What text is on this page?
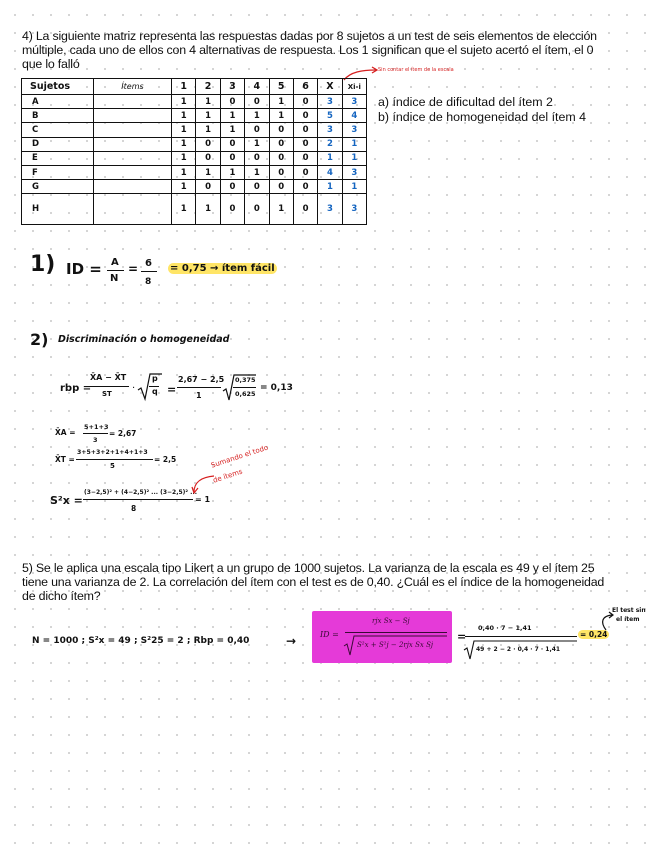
4) La siguiente matriz representa las respuestas dadas por 8 sujetos a un test de seis elementos de elección
múltiple, cada uno de ellos con 4 alternativas de respuesta. Los 1 significan que el sujeto acertó el ítem, el 0
que lo falló	Sin contar el ítem de la escala
Sujetos	Ítems	1	2	3	4	5	6	X	Xi-i
A		1	1	0	0	1	0	3	3
B		1	1	1	1	1	0	5	4
C		1	1	1	0	0	0	3	3
D		1	0	0	1	0	0	2	1
E		1	0	0	0	0	0	1	1
F		1	1	1	1	0	0	4	3
G		1	0	0	0	0	0	1	1
H		1	1	0	0	1	0	3	3
a) índice de dificultad del ítem 2
b) índice de homogeneidad del ítem 4
1) ID = A
N
= 6
8
= 0,75 → ítem fácil
2) Discriminación o homogeneidad
rbp =
X̄A − X̄T
ST ·
p
q =
2,67 − 2,5
1
0,375
0,625
= 0,13
X̄A =
5+1+3
3
= 2,67
X̄T =
3+5+3+2+1+4+1+3
5
= 2,5
S²x =
(3−2,5)² + (4−2,5)² ... (3−2,5)² ...
8
= 1
Sumando el todo
de ítems
5) Se le aplica una escala tipo Likert a un grupo de 1000 sujetos. La varianza de la escala es 49 y el ítem 25
tiene una varianza de 2. La correlación del ítem con el test es de 0,40. ¿Cuál es el índice de la homogeneidad
de dicho ítem?
N = 1000 ; S²x = 49 ; S²25 = 2 ; Rbp = 0,40	→	ID =
rjx Sx − Sj
S²x + S²j − 2rjx Sx Sj
=
0,40 · 7 − 1,41
49 + 2 − 2 · 0,4 · 7 · 1,41
= 0,24
El test sin
el ítem
